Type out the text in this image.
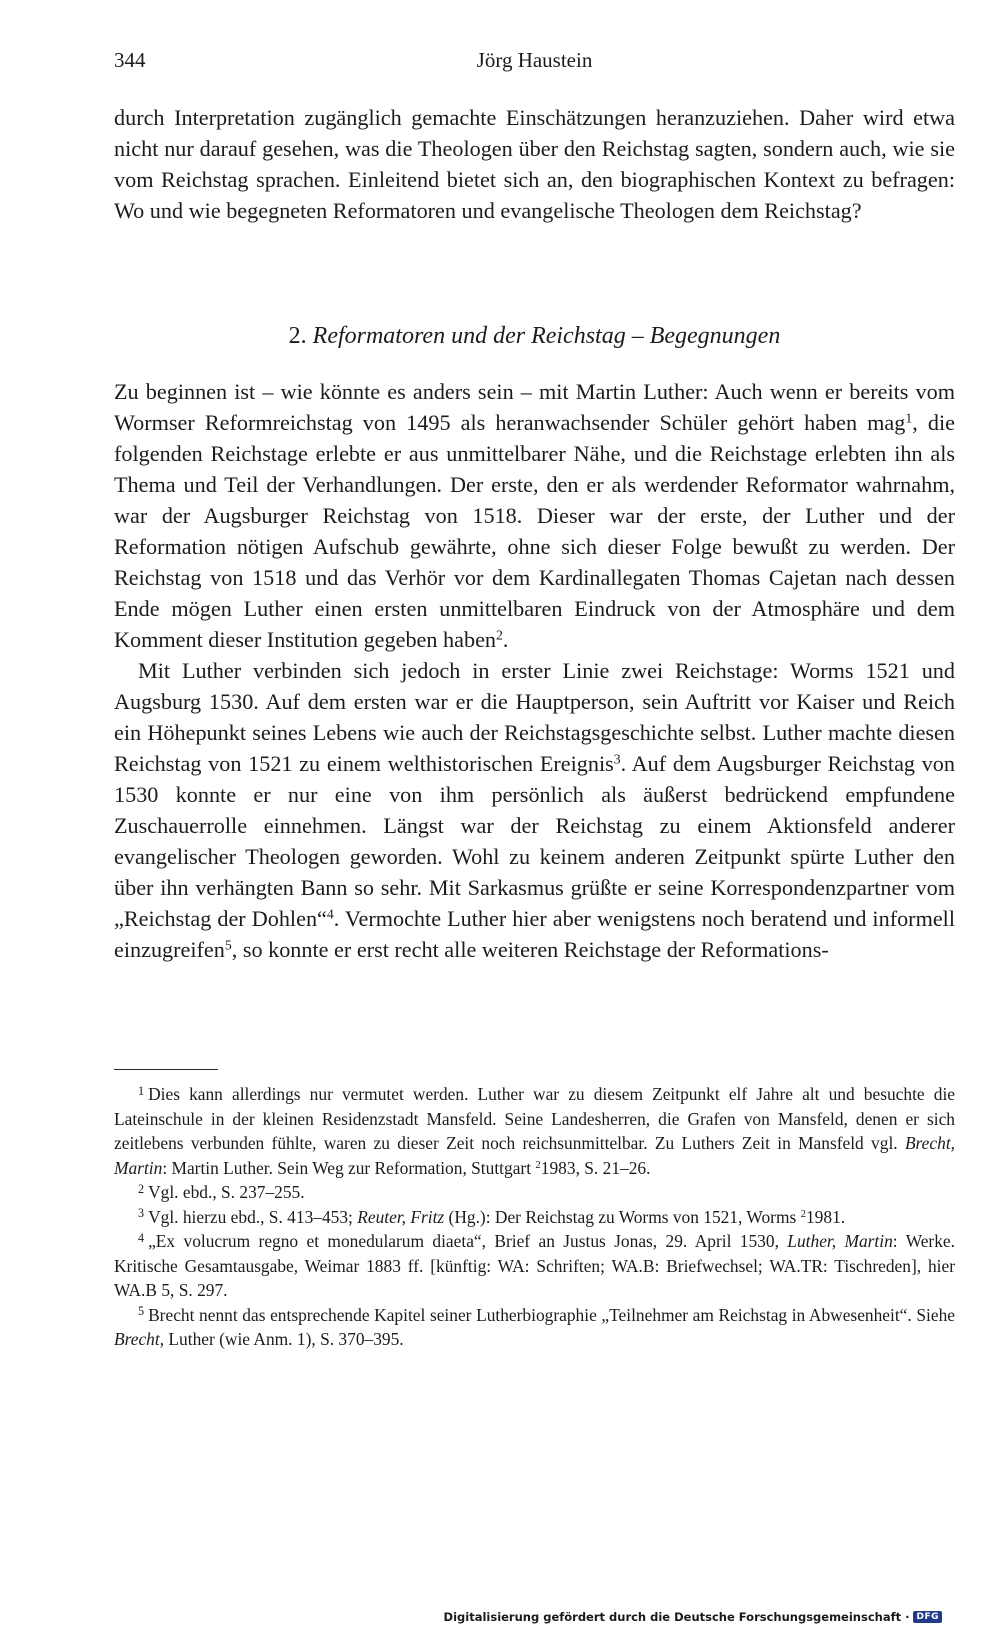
344	Jörg Haustein

durch Interpretation zugänglich gemachte Einschätzungen heranzuziehen. Daher wird etwa nicht nur darauf gesehen, was die Theologen über den Reichstag sagten, sondern auch, wie sie vom Reichstag sprachen. Einleitend bietet sich an, den biographischen Kontext zu befragen: Wo und wie begegneten Reformatoren und evangelische Theologen dem Reichstag?

2. Reformatoren und der Reichstag – Begegnungen

Zu beginnen ist – wie könnte es anders sein – mit Martin Luther: Auch wenn er bereits vom Wormser Reformreichstag von 1495 als heranwachsender Schüler gehört haben mag$^1$, die folgenden Reichstage erlebte er aus unmittelbarer Nähe, und die Reichstage erlebten ihn als Thema und Teil der Verhandlungen. Der erste, den er als werdender Reformator wahrnahm, war der Augsburger Reichstag von 1518. Dieser war der erste, der Luther und der Reformation nötigen Aufschub gewährte, ohne sich dieser Folge bewußt zu werden. Der Reichstag von 1518 und das Verhör vor dem Kardinallegaten Thomas Cajetan nach dessen Ende mögen Luther einen ersten unmittelbaren Eindruck von der Atmosphäre und dem Komment dieser Institution gegeben haben$^2$.

Mit Luther verbinden sich jedoch in erster Linie zwei Reichstage: Worms 1521 und Augsburg 1530. Auf dem ersten war er die Hauptperson, sein Auftritt vor Kaiser und Reich ein Höhepunkt seines Lebens wie auch der Reichstagsgeschichte selbst. Luther machte diesen Reichstag von 1521 zu einem welthistorischen Ereignis$^3$. Auf dem Augsburger Reichstag von 1530 konnte er nur eine von ihm persönlich als äußerst bedrückend empfundene Zuschauerrolle einnehmen. Längst war der Reichstag zu einem Aktionsfeld anderer evangelischer Theologen geworden. Wohl zu keinem anderen Zeitpunkt spürte Luther den über ihn verhängten Bann so sehr. Mit Sarkasmus grüßte er seine Korrespondenzpartner vom „Reichstag der Dohlen“$^4$. Vermochte Luther hier aber wenigstens noch beratend und informell einzugreifen$^5$, so konnte er erst recht alle weiteren Reichstage der Reformations-

$^1$ Dies kann allerdings nur vermutet werden. Luther war zu diesem Zeitpunkt elf Jahre alt und besuchte die Lateinschule in der kleinen Residenzstadt Mansfeld. Seine Landesherren, die Grafen von Mansfeld, denen er sich zeitlebens verbunden fühlte, waren zu dieser Zeit noch reichsunmittelbar. Zu Luthers Zeit in Mansfeld vgl. Brecht, Martin: Martin Luther. Sein Weg zur Reformation, Stuttgart $^2$1983, S. 21–26.

$^2$ Vgl. ebd., S. 237–255.

$^3$ Vgl. hierzu ebd., S. 413–453; Reuter, Fritz (Hg.): Der Reichstag zu Worms von 1521, Worms $^2$1981.

$^4$ „Ex volucrum regno et monedularum diaeta“, Brief an Justus Jonas, 29. April 1530, Luther, Martin: Werke. Kritische Gesamtausgabe, Weimar 1883 ff. [künftig: WA: Schriften; WA.B: Briefwechsel; WA.TR: Tischreden], hier WA.B 5, S. 297.

$^5$ Brecht nennt das entsprechende Kapitel seiner Lutherbiographie „Teilnehmer am Reichstag in Abwesenheit“. Siehe Brecht, Luther (wie Anm. 1), S. 370–395.

Digitalisierung gefördert durch die Deutsche Forschungsgemeinschaft · DFG
